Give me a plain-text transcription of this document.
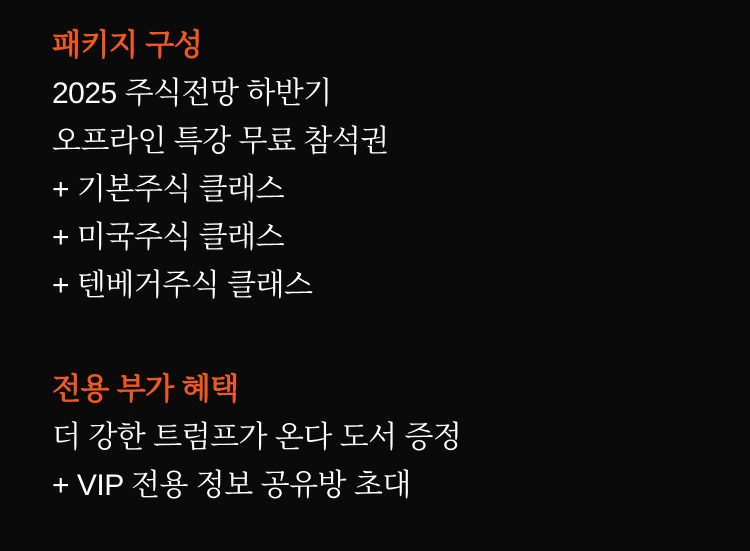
패키지 구성
2025 주식전망 하반기
오프라인 특강 무료 참석권
+ 기본주식 클래스
+ 미국주식 클래스
+ 텐베거주식 클래스
전용 부가 혜택
더 강한 트럼프가 온다 도서 증정
+ VIP 전용 정보 공유방 초대
